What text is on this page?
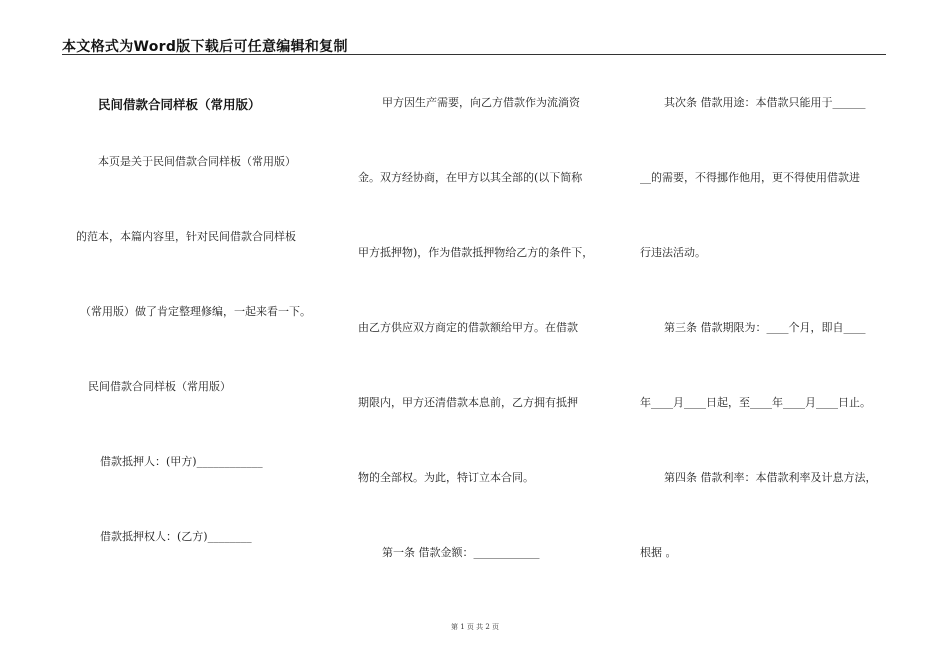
本文格式为Word版下载后可任意编辑和复制
民间借款合同样板（常用版）
本页是关于民间借款合同样板（常用版）
的范本，本篇内容里，针对民间借款合同样板
（常用版）做了肯定整理修编，一起来看一下。
民间借款合同样板（常用版）
借款抵押人：(甲方)____________
借款抵押权人：(乙方)________
甲方因生产需要，向乙方借款作为流淌资
金。双方经协商，在甲方以其全部的(以下简称
甲方抵押物)，作为借款抵押物给乙方的条件下，
由乙方供应双方商定的借款额给甲方。在借款
期限内，甲方还清借款本息前，乙方拥有抵押
物的全部权。为此，特订立本合同。
第一条 借款金额：____________
其次条 借款用途：本借款只能用于______
__的需要，不得挪作他用，更不得使用借款进
行违法活动。
第三条 借款期限为：____个月，即自____
年____月____日起，至____年____月____日止。
第四条 借款利率：本借款利率及计息方法，
根据 。
第 1 页 共 2 页
